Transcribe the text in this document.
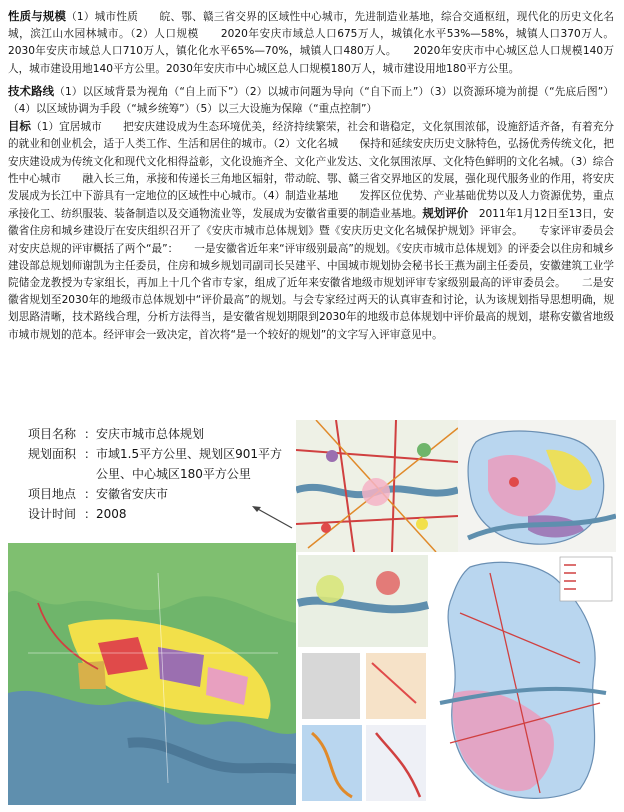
性质与规模（1）城市性质　　皖、鄂、赣三省交界的区域性中心城市，先进制造业基地，综合交通枢纽，现代化的历史文化名城，滨江山水园林城市。（2）人口规模　　2020年安庆市域总人口675万人，城镇化水平53%—58%，城镇人口370万人。2030年安庆市域总人口710万人，镇化化水平65%—70%，城镇人口480万人。　　2020年安庆市中心城区总人口规模140万人，城市建设用地140平方公里。2030年安庆市中心城区总人口规模180万人，城市建设用地180平方公里。

技术路线（1）以区域背景为视角（“自上而下”）（2）以城市问题为导向（“自下而上”）（3）以资源环境为前提（“先底后图”）（4）以区域协调为手段（“城乡统筹”）（5）以三大设施为保障（“重点控制”）

目标（1）宜居城市　　把安庆建设成为生态环境优美，经济持续繁荣，社会和谐稳定，文化氛围浓郁，设施舒适齐备，有着充分的就业和创业机会，适于人类工作、生活和居住的城市。（2）文化名城　　保持和延续安庆历史文脉特色，弘扬优秀传统文化，把安庆建设成为传统文化和现代文化相得益彰，文化设施齐全、文化产业发达、文化氛围浓厚、文化特色鲜明的文化名城。（3）综合性中心城市　　融入长三角，承接和传递长三角地区辐射，带动皖、鄂、赣三省交界地区的发展，强化现代服务业的作用，将安庆发展成为长江中下游具有一定地位的区域性中心城市。（4）制造业基地　　发挥区位优势、产业基础优势以及人力资源优势，重点承接化工、纺织服装、装备制造以及交通物流业等，发展成为安徽省重要的制造业基地。规划评价　2011年1月12日至13日，安徽省住房和城乡建设厅在安庆组织召开了《安庆市城市总体规划》暨《安庆历史文化名城保护规划》评审会。　　专家评审委员会对安庆总规的评审概括了两个“最”：　　一是安徽省近年来“评审级别最高”的规划。《安庆市城市总体规划》的评委会以住房和城乡建设部总规划师谢凯为主任委员，住房和城乡规划司副司长吴建平、中国城市规划协会秘书长王燕为副主任委员，安徽建筑工业学院储金龙教授为专家组长，再加上十几个省市专家，组成了近年来安徽省地级市规划评审专家级别最高的评审委员会。　　二是安徽省规划至2030年的地级市总体规划中“评价最高”的规划。与会专家经过两天的认真审查和讨论，认为该规划指导思想明确，规划思路清晰，技术路线合理，分析方法得当，是安徽省规划期限到2030年的地级市总体规划中评价最高的规划，堪称安徽省地级市城市规划的范本。经评审会一致决定，首次将“是一个较好的规划”的文字写入评审意见中。

项目名称 ： 安庆市城市总体规划
规划面积 ： 市域1.5平方公里、规划区901平方公里、中心城区180平方公里
项目地点 ： 安徽省安庆市
设计时间 ： 2008
